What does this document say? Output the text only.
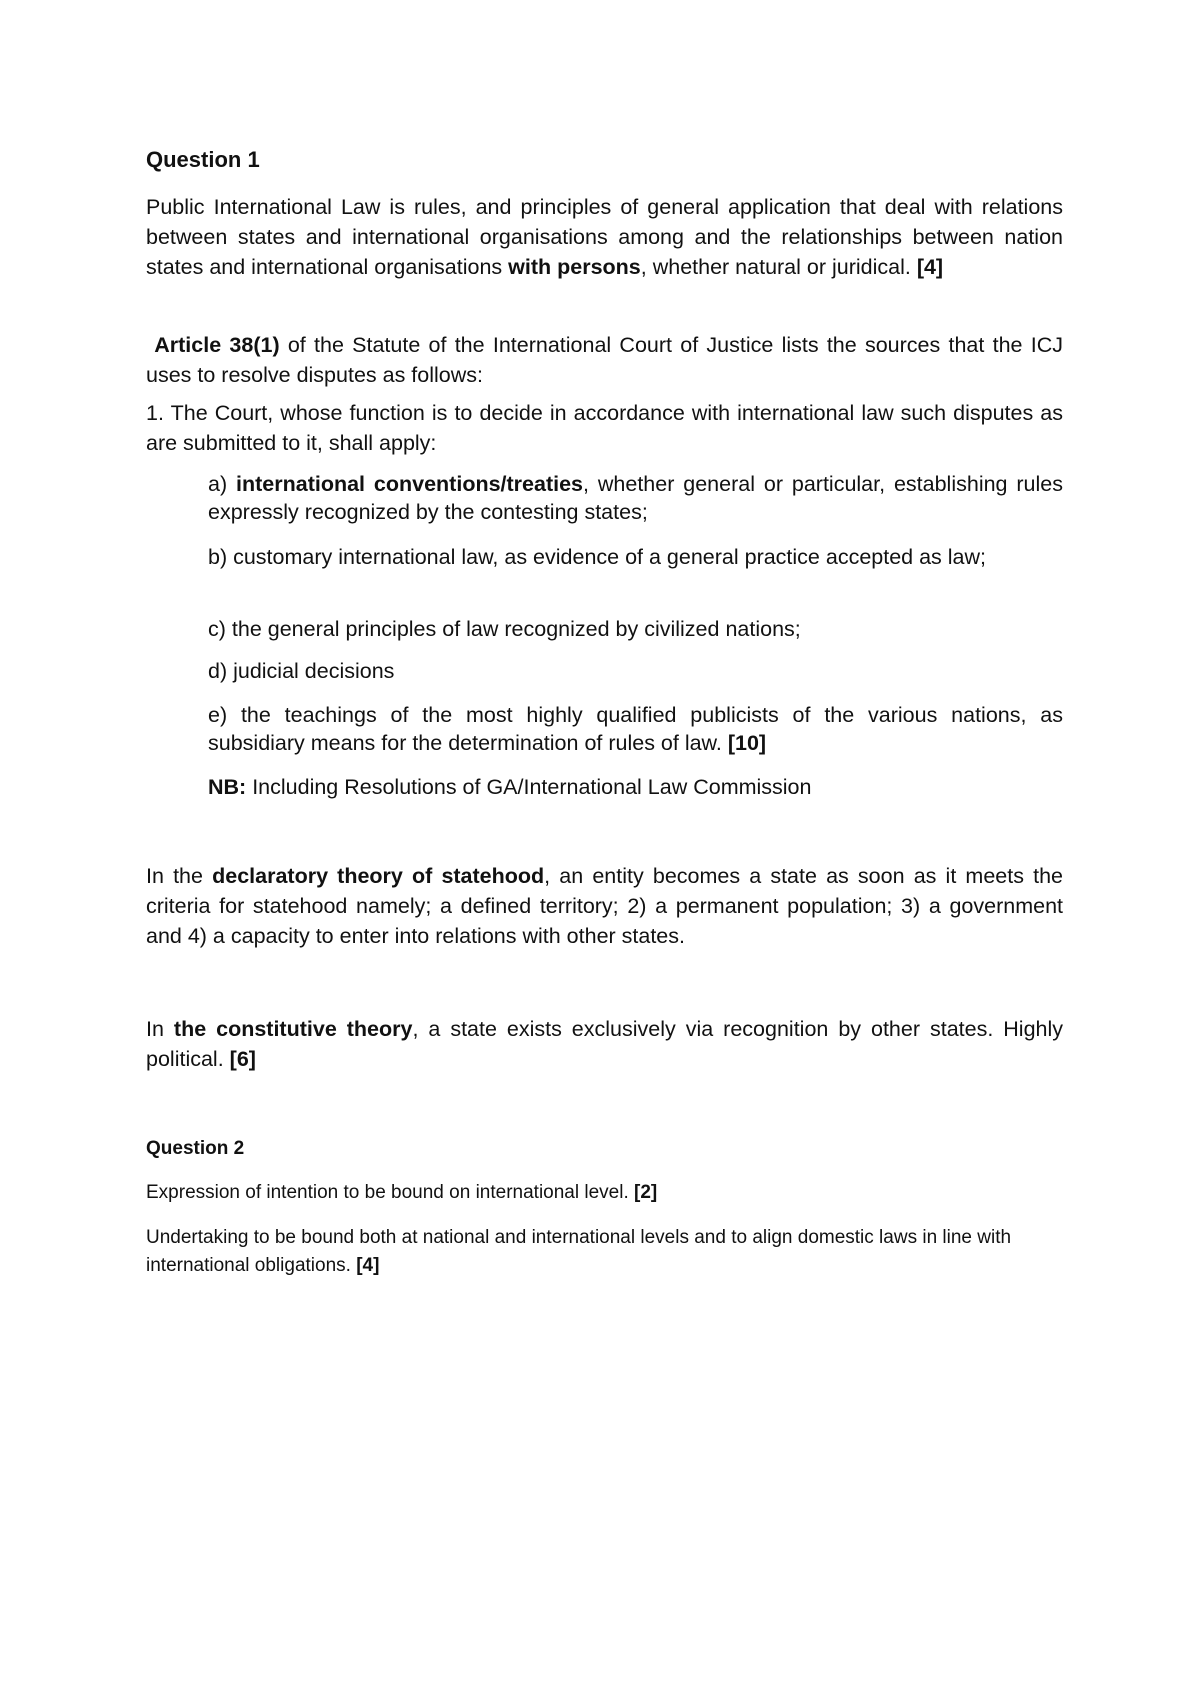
Question 1
Public International Law is rules, and principles of general application that deal with relations between states and international organisations among and the relationships between nation states and international organisations with persons, whether natural or juridical. [4]
Article 38(1) of the Statute of the International Court of Justice lists the sources that the ICJ uses to resolve disputes as follows:
1. The Court, whose function is to decide in accordance with international law such disputes as are submitted to it, shall apply:
a) international conventions/treaties, whether general or particular, establishing rules expressly recognized by the contesting states;
b) customary international law, as evidence of a general practice accepted as law;
c) the general principles of law recognized by civilized nations;
d) judicial decisions
e) the teachings of the most highly qualified publicists of the various nations, as subsidiary means for the determination of rules of law. [10]
NB: Including Resolutions of GA/International Law Commission
In the declaratory theory of statehood, an entity becomes a state as soon as it meets the criteria for statehood namely; a defined territory; 2) a permanent population; 3) a government and 4) a capacity to enter into relations with other states.
In the constitutive theory, a state exists exclusively via recognition by other states. Highly political. [6]
Question 2
Expression of intention to be bound on international level. [2]
Undertaking to be bound both at national and international levels and to align domestic laws in line with international obligations. [4]
